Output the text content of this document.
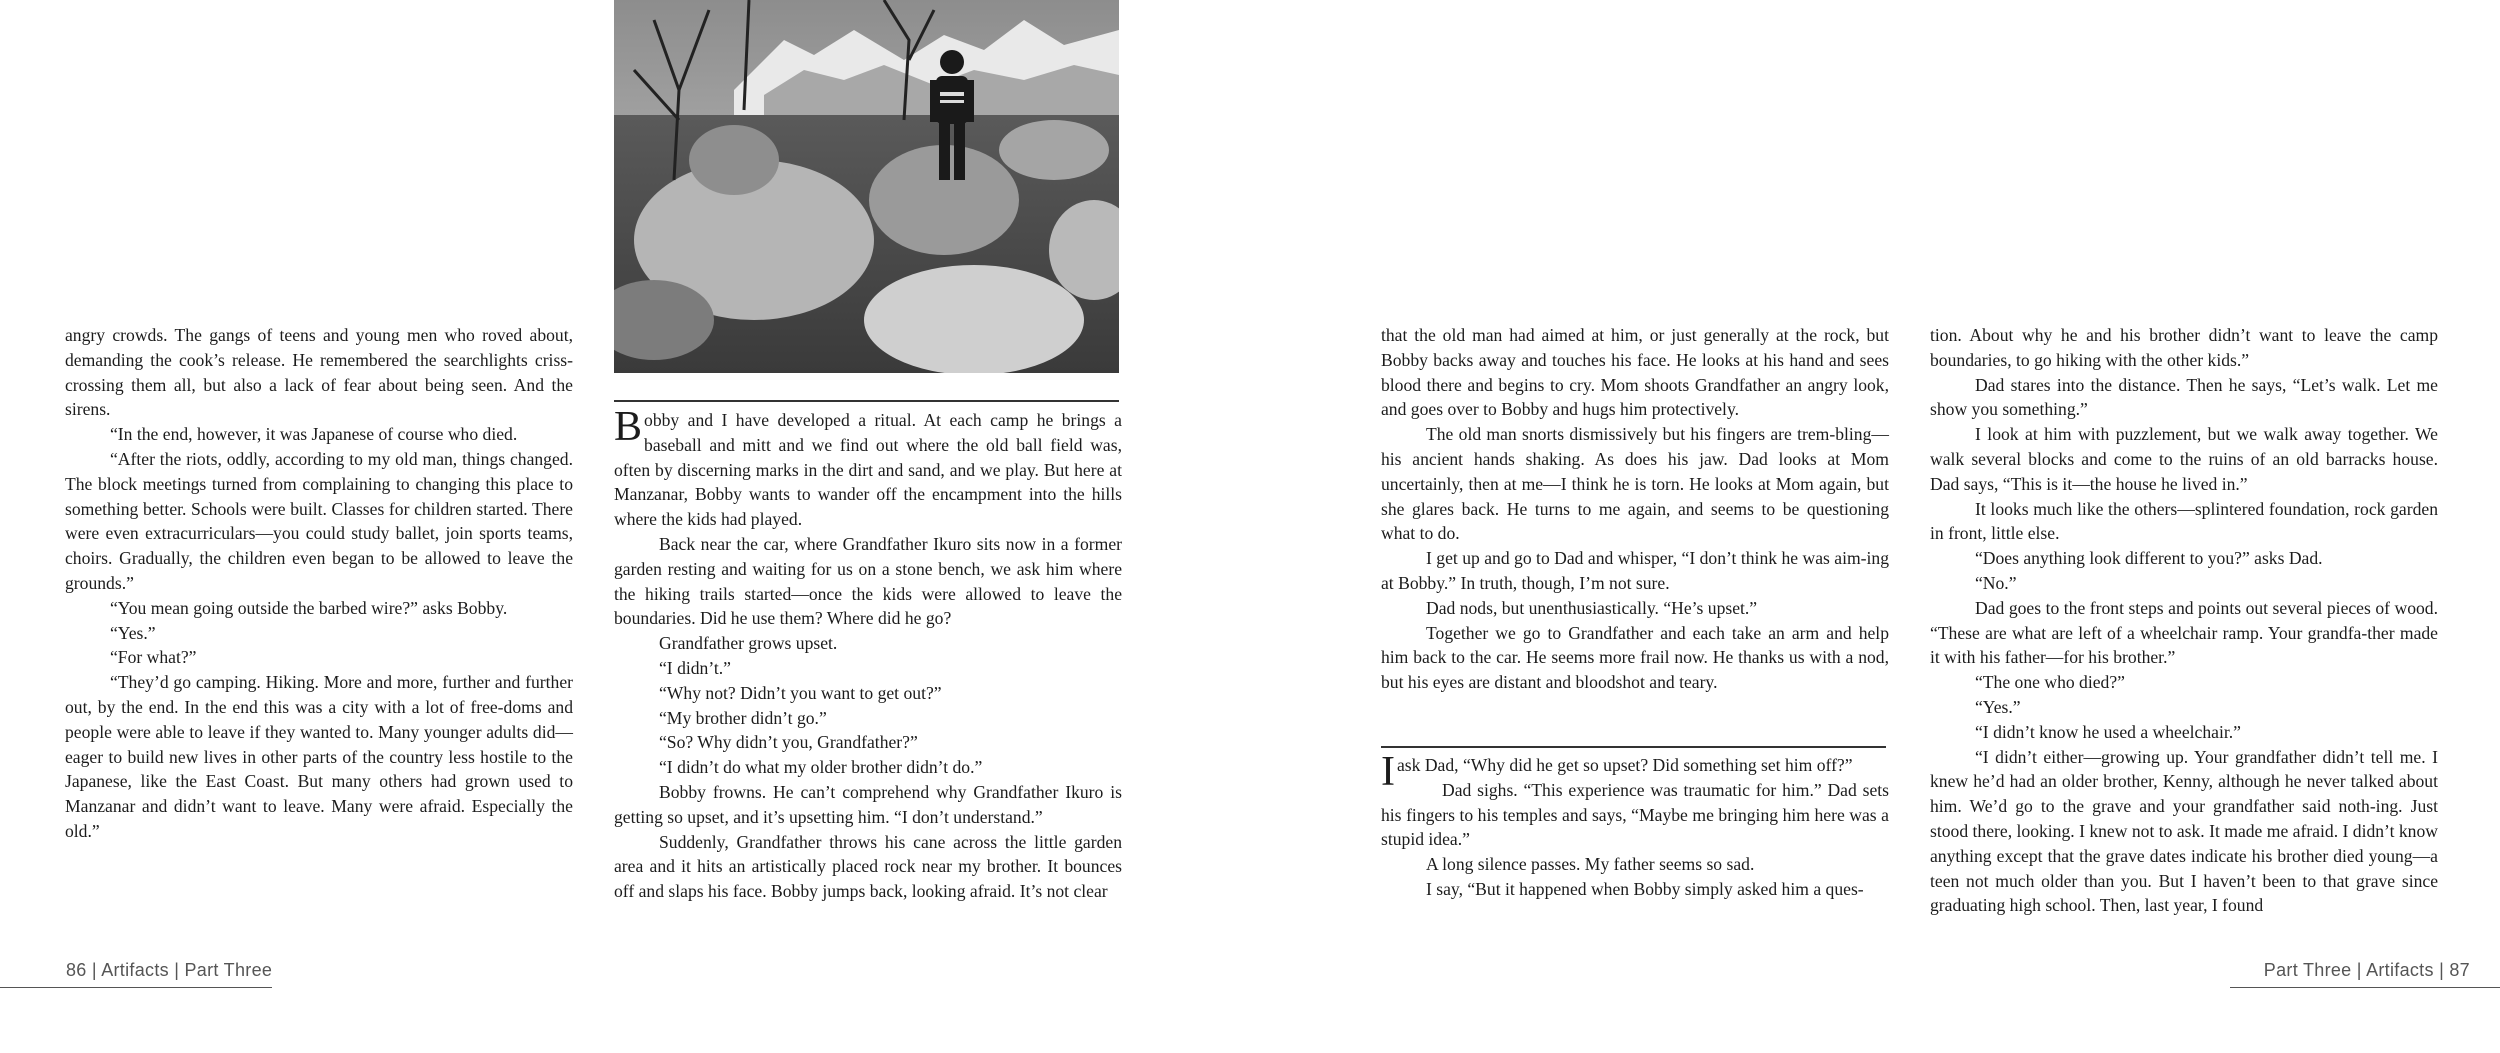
angry crowds. The gangs of teens and young men who roved about, demanding the cook’s release. He remembered the searchlights criss-crossing them all, but also a lack of fear about being seen. And the sirens.

“In the end, however, it was Japanese of course who died.

“After the riots, oddly, according to my old man, things changed. The block meetings turned from complaining to changing this place to something better. Schools were built. Classes for children started. There were even extracurriculars—you could study ballet, join sports teams, choirs. Gradually, the children even began to be allowed to leave the grounds.”

“You mean going outside the barbed wire?” asks Bobby.

“Yes.”

“For what?”

“They’d go camping. Hiking. More and more, further and further out, by the end. In the end this was a city with a lot of free-doms and people were able to leave if they wanted to. Many younger adults did—eager to build new lives in other parts of the country less hostile to the Japanese, like the East Coast. But many others had grown used to Manzanar and didn’t want to leave. Many were afraid. Especially the old.”

Bobby and I have developed a ritual. At each camp he brings a baseball and mitt and we find out where the old ball field was, often by discerning marks in the dirt and sand, and we play. But here at Manzanar, Bobby wants to wander off the encampment into the hills where the kids had played.

Back near the car, where Grandfather Ikuro sits now in a former garden resting and waiting for us on a stone bench, we ask him where the hiking trails started—once the kids were allowed to leave the boundaries. Did he use them? Where did he go?

Grandfather grows upset.

“I didn’t.”

“Why not? Didn’t you want to get out?”

“My brother didn’t go.”

“So? Why didn’t you, Grandfather?”

“I didn’t do what my older brother didn’t do.”

Bobby frowns. He can’t comprehend why Grandfather Ikuro is getting so upset, and it’s upsetting him. “I don’t understand.”

Suddenly, Grandfather throws his cane across the little garden area and it hits an artistically placed rock near my brother. It bounces off and slaps his face. Bobby jumps back, looking afraid. It’s not clear

86 | Artifacts | Part Three

that the old man had aimed at him, or just generally at the rock, but Bobby backs away and touches his face. He looks at his hand and sees blood there and begins to cry. Mom shoots Grandfather an angry look, and goes over to Bobby and hugs him protectively.

The old man snorts dismissively but his fingers are trem-bling—his ancient hands shaking. As does his jaw. Dad looks at Mom uncertainly, then at me—I think he is torn. He looks at Mom again, but she glares back. He turns to me again, and seems to be questioning what to do.

I get up and go to Dad and whisper, “I don’t think he was aim-ing at Bobby.” In truth, though, I’m not sure.

Dad nods, but unenthusiastically. “He’s upset.”

Together we go to Grandfather and each take an arm and help him back to the car. He seems more frail now. He thanks us with a nod, but his eyes are distant and bloodshot and teary.

I ask Dad, “Why did he get so upset? Did something set him off?”

Dad sighs. “This experience was traumatic for him.” Dad sets his fingers to his temples and says, “Maybe me bringing him here was a stupid idea.”

A long silence passes. My father seems so sad.

I say, “But it happened when Bobby simply asked him a ques-

tion. About why he and his brother didn’t want to leave the camp boundaries, to go hiking with the other kids.”

Dad stares into the distance. Then he says, “Let’s walk. Let me show you something.”

I look at him with puzzlement, but we walk away together. We walk several blocks and come to the ruins of an old barracks house. Dad says, “This is it—the house he lived in.”

It looks much like the others—splintered foundation, rock garden in front, little else.

“Does anything look different to you?” asks Dad.

“No.”

Dad goes to the front steps and points out several pieces of wood. “These are what are left of a wheelchair ramp. Your grandfa-ther made it with his father—for his brother.”

“The one who died?”

“Yes.”

“I didn’t know he used a wheelchair.”

“I didn’t either—growing up. Your grandfather didn’t tell me. I knew he’d had an older brother, Kenny, although he never talked about him. We’d go to the grave and your grandfather said noth-ing. Just stood there, looking. I knew not to ask. It made me afraid. I didn’t know anything except that the grave dates indicate his brother died young—a teen not much older than you. But I haven’t been to that grave since graduating high school. Then, last year, I found

Part Three | Artifacts | 87
